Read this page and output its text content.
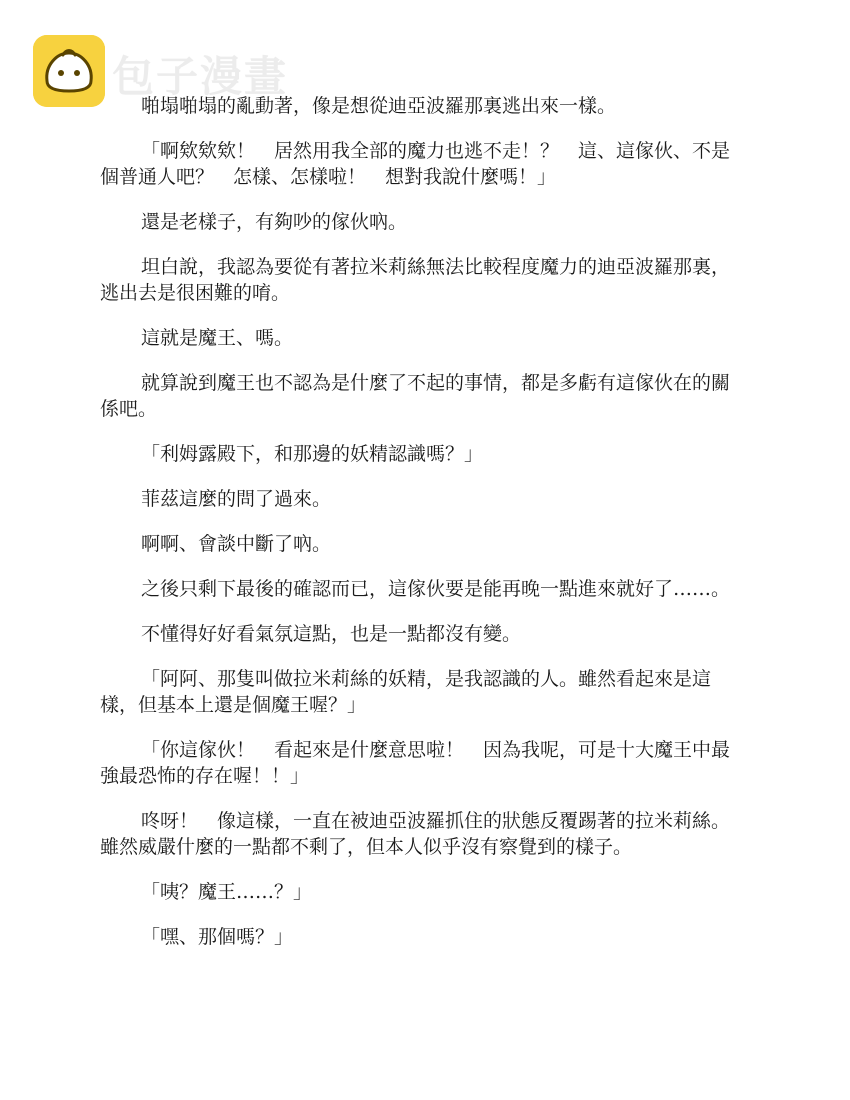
包子漫畫

啪塌啪塌的亂動著，像是想從迪亞波羅那裏逃出來一樣。

「啊欸欸欸！　居然用我全部的魔力也逃不走！？　這、這傢伙、不是個普通人吧？　怎樣、怎樣啦！　想對我說什麼嗎！」

還是老樣子，有夠吵的傢伙吶。

坦白說，我認為要從有著拉米莉絲無法比較程度魔力的迪亞波羅那裏，逃出去是很困難的唷。

這就是魔王、嗎。

就算說到魔王也不認為是什麼了不起的事情，都是多虧有這傢伙在的關係吧。

「利姆露殿下，和那邊的妖精認識嗎？」

菲茲這麼的問了過來。

啊啊、會談中斷了吶。

之後只剩下最後的確認而已，這傢伙要是能再晚一點進來就好了……。

不懂得好好看氣氛這點，也是一點都沒有變。

「阿阿、那隻叫做拉米莉絲的妖精，是我認識的人。雖然看起來是這樣，但基本上還是個魔王喔？」

「你這傢伙！　看起來是什麼意思啦！　因為我呢，可是十大魔王中最強最恐怖的存在喔！！」

咚呀！　像這樣，一直在被迪亞波羅抓住的狀態反覆踢著的拉米莉絲。雖然威嚴什麼的一點都不剩了，但本人似乎沒有察覺到的樣子。

「咦？魔王……？」

「嘿、那個嗎？」
